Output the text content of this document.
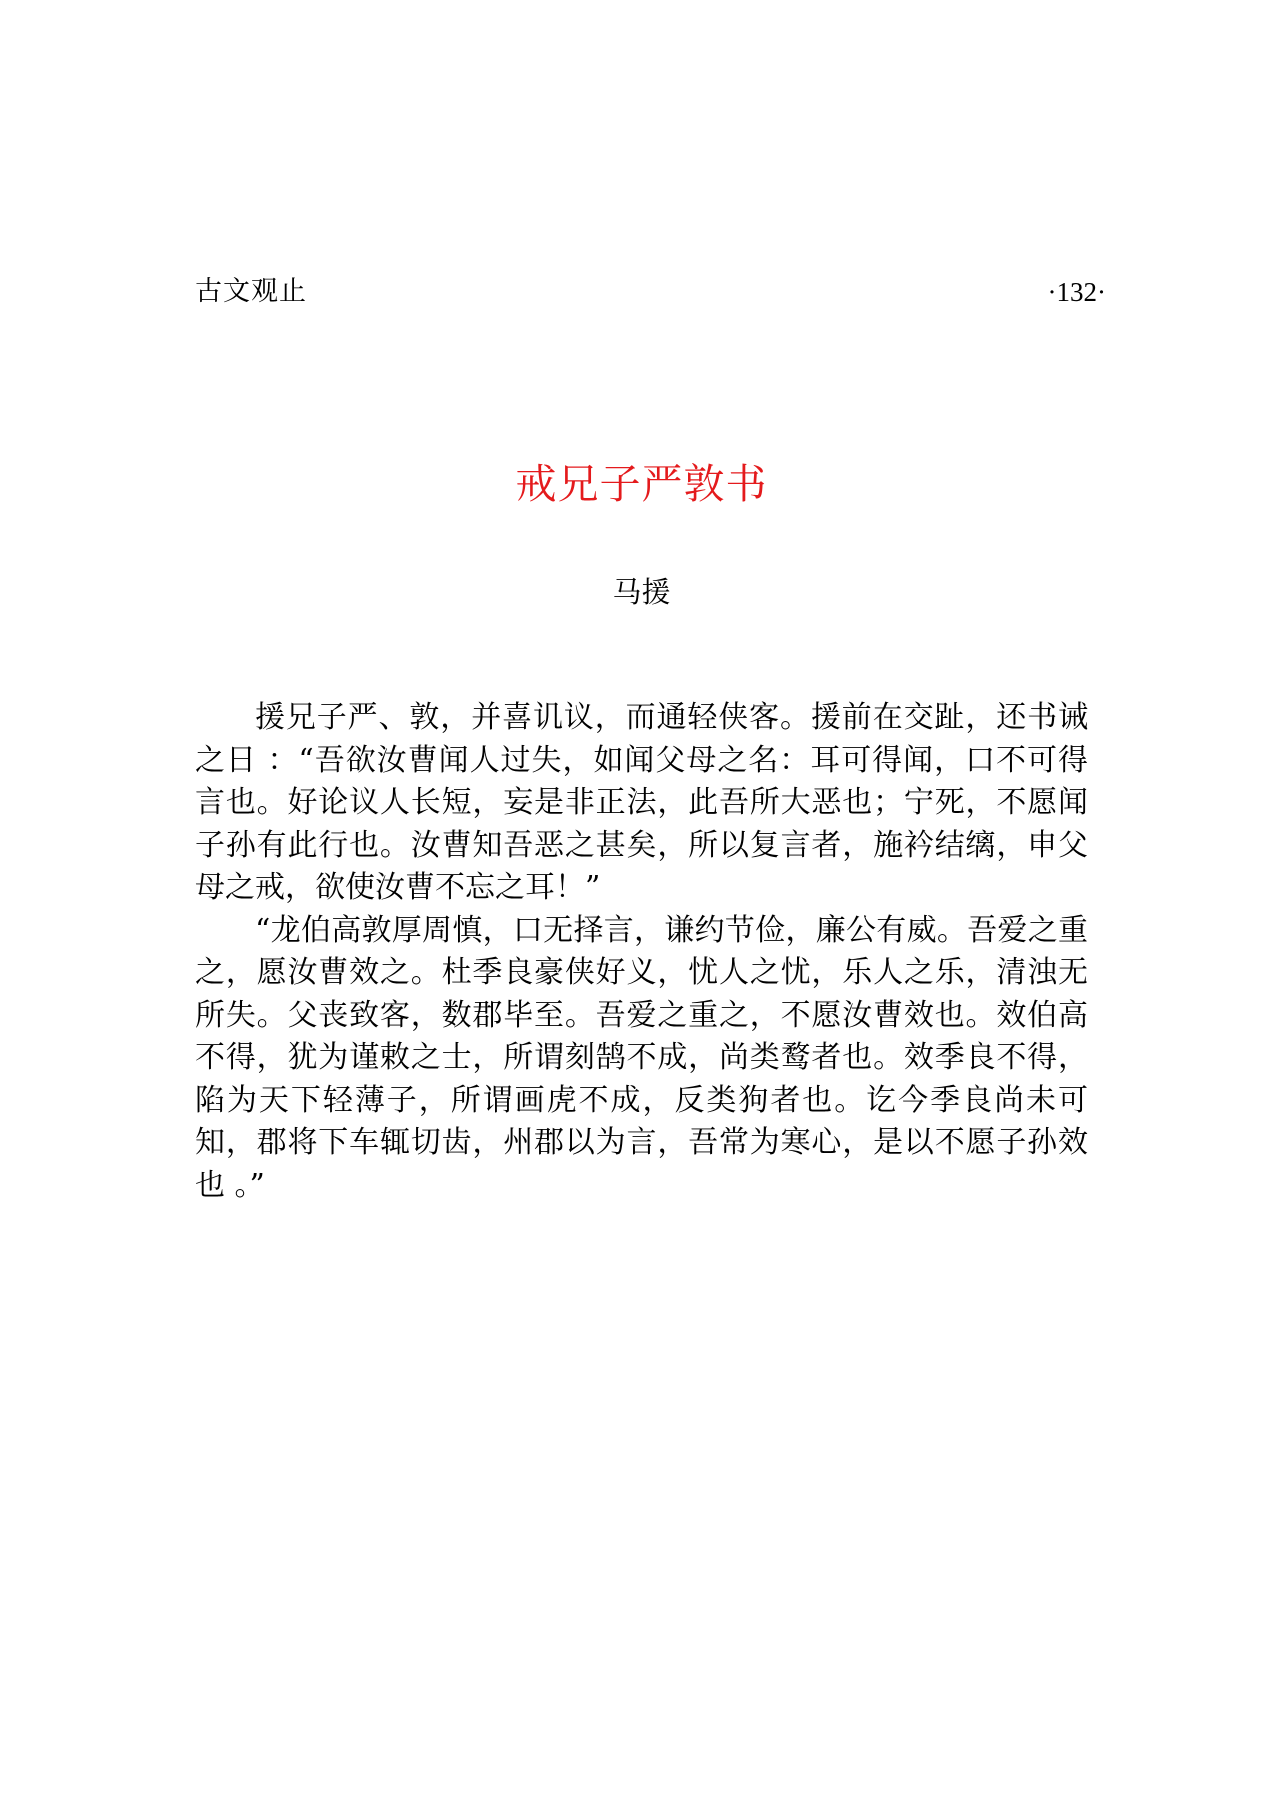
古文观止	·132·
戒兄子严敦书
马援

援兄子严、敦，并喜讥议，而通轻侠客。援前在交趾，还书诫之日 ：“吾欲汝曹闻人过失，如闻父母之名：耳可得闻，口不可得言也。好论议人长短，妄是非正法，此吾所大恶也；宁死，不愿闻子孙有此行也。汝曹知吾恶之甚矣，所以复言者，施衿结缡，申父母之戒，欲使汝曹不忘之耳！”

“龙伯高敦厚周慎，口无择言，谦约节俭，廉公有威。吾爱之重之，愿汝曹效之。杜季良豪侠好义，忧人之忧，乐人之乐，清浊无所失。父丧致客，数郡毕至。吾爱之重之，不愿汝曹效也。效伯高不得，犹为谨敕之士，所谓刻鹄不成，尚类鹜者也。效季良不得，陷为天下轻薄子，所谓画虎不成，反类狗者也。讫今季良尚未可知，郡将下车辄切齿，州郡以为言，吾常为寒心，是以不愿子孙效也 。”
